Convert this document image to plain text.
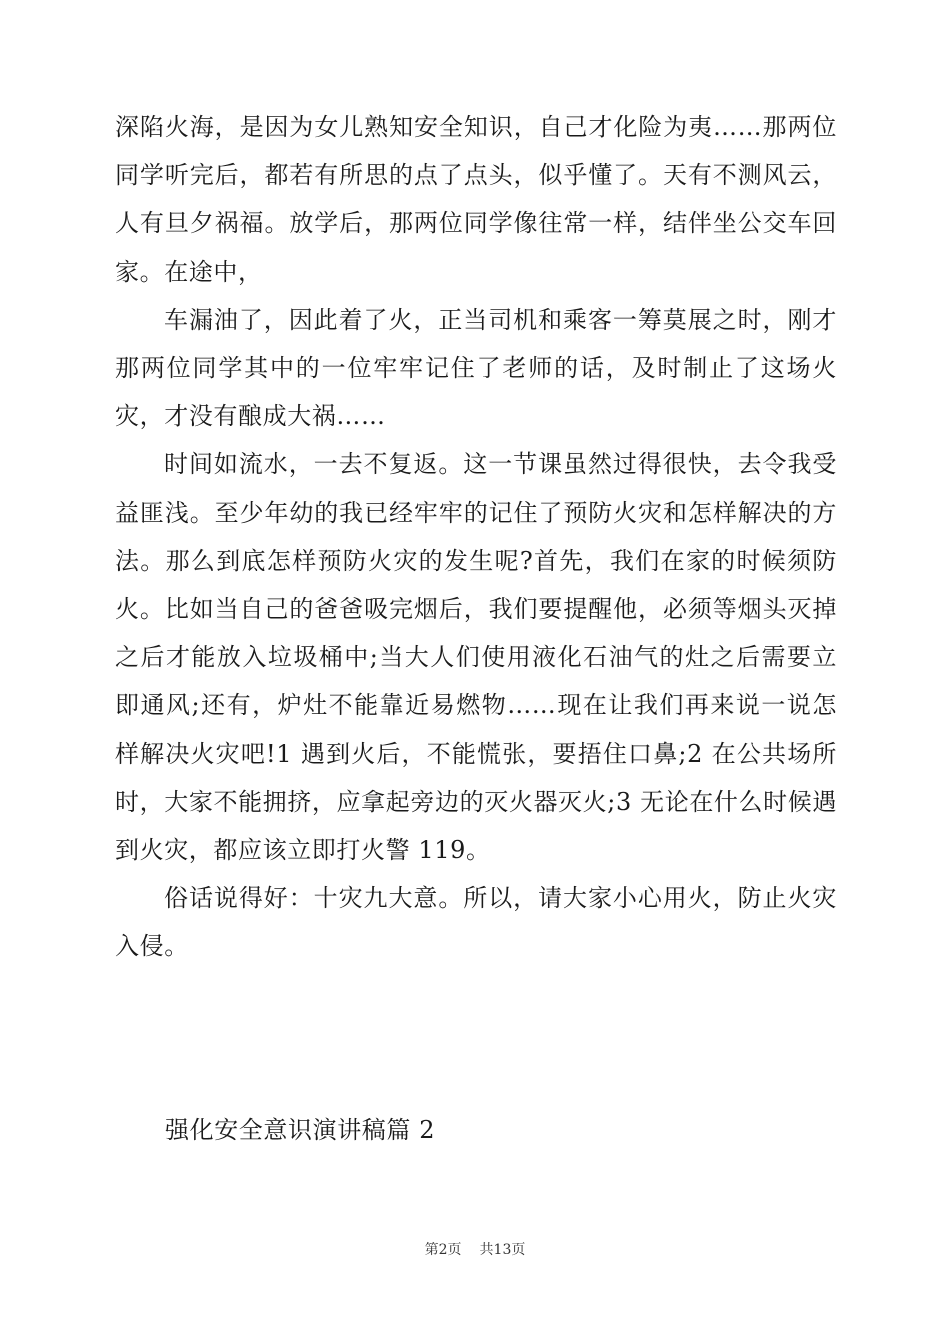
深陷火海，是因为女儿熟知安全知识，自己才化险为夷……那两位同学听完后，都若有所思的点了点头，似乎懂了。天有不测风云，人有旦夕祸福。放学后，那两位同学像往常一样，结伴坐公交车回家。在途中，

车漏油了，因此着了火，正当司机和乘客一筹莫展之时，刚才那两位同学其中的一位牢牢记住了老师的话，及时制止了这场火灾，才没有酿成大祸……

时间如流水，一去不复返。这一节课虽然过得很快，去令我受益匪浅。至少年幼的我已经牢牢的记住了预防火灾和怎样解决的方法。那么到底怎样预防火灾的发生呢?首先，我们在家的时候须防火。比如当自己的爸爸吸完烟后，我们要提醒他，必须等烟头灭掉之后才能放入垃圾桶中;当大人们使用液化石油气的灶之后需要立即通风;还有，炉灶不能靠近易燃物……现在让我们再来说一说怎样解决火灾吧!1 遇到火后，不能慌张，要捂住口鼻;2 在公共场所时，大家不能拥挤，应拿起旁边的灭火器灭火;3 无论在什么时候遇到火灾，都应该立即打火警 119。

俗话说得好：十灾九大意。所以，请大家小心用火，防止火灾入侵。

强化安全意识演讲稿篇 2
第2页 共13页
